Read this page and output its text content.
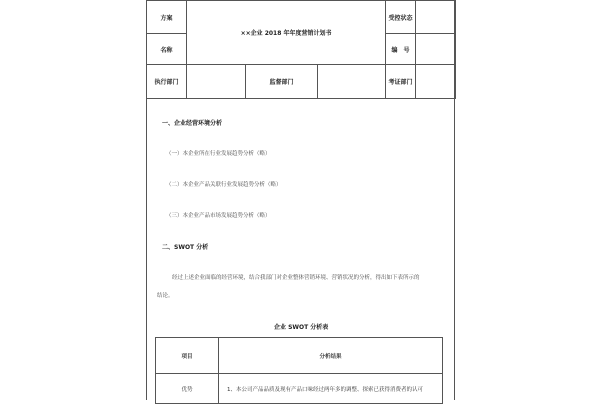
方案	××企业 2018 年年度营销计划书			受控状态	
名称				编　号	
执行部门		监督部门		考证部门	
一、企业经营环境分析
（一）本企业所在行业发展趋势分析（略）
（二）本企业产品关联行业发展趋势分析（略）
（三）本企业产品市场发展趋势分析（略）
二、SWOT 分析
经过上述企业面临的经营环境，结合我部门对企业整体营销环境、营销状况的分析，得出如下表所示的
结论。
企业 SWOT 分析表
项目	分析结果
优势	1、本公司产品品质及现有产品口味经过两年多的调整、探索已获得消费者的认可
